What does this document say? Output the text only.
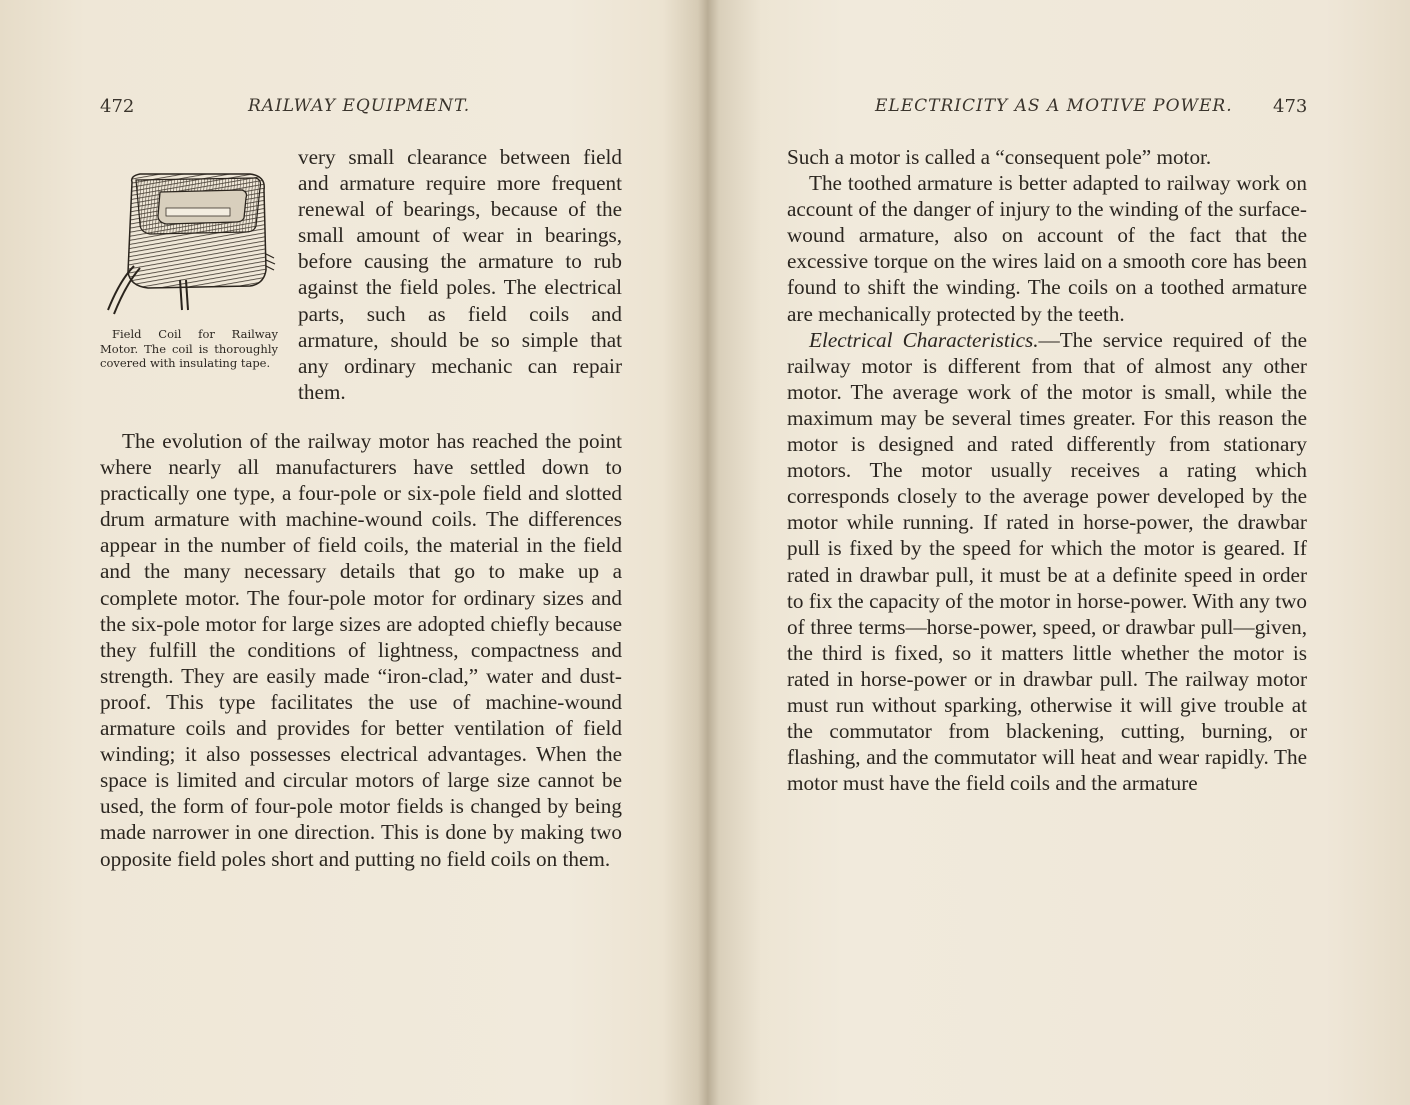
472	RAILWAY EQUIPMENT.
Field Coil for Railway Motor. The coil is thoroughly covered with insulating tape.

very small clearance between field and armature require more frequent renewal of bearings, because of the small amount of wear in bearings, before causing the armature to rub against the field poles. The electrical parts, such as field coils and armature, should be so simple that any ordinary mechanic can repair them.

The evolution of the railway motor has reached the point where nearly all manufacturers have settled down to practically one type, a four-pole or six-pole field and slotted drum armature with machine-wound coils. The differences appear in the number of field coils, the material in the field and the many necessary details that go to make up a complete motor. The four-pole motor for ordinary sizes and the six-pole motor for large sizes are adopted chiefly because they fulfill the conditions of lightness, compactness and strength. They are easily made “iron-clad,” water and dust-proof. This type facilitates the use of machine-wound armature coils and provides for better ventilation of field winding; it also possesses electrical advantages. When the space is limited and circular motors of large size cannot be used, the form of four-pole motor fields is changed by being made narrower in one direction. This is done by making two opposite field poles short and putting no field coils on them.

ELECTRICITY AS A MOTIVE POWER. 473

Such a motor is called a “consequent pole” motor.

The toothed armature is better adapted to railway work on account of the danger of injury to the winding of the surface-wound armature, also on account of the fact that the excessive torque on the wires laid on a smooth core has been found to shift the winding. The coils on a toothed armature are mechanically protected by the teeth.

Electrical Characteristics.—The service required of the railway motor is different from that of almost any other motor. The average work of the motor is small, while the maximum may be several times greater. For this reason the motor is designed and rated differently from stationary motors. The motor usually receives a rating which corresponds closely to the average power developed by the motor while running. If rated in horse-power, the drawbar pull is fixed by the speed for which the motor is geared. If rated in drawbar pull, it must be at a definite speed in order to fix the capacity of the motor in horse-power. With any two of three terms—horse-power, speed, or drawbar pull—given, the third is fixed, so it matters little whether the motor is rated in horse-power or in drawbar pull. The railway motor must run without sparking, otherwise it will give trouble at the commutator from blackening, cutting, burning, or flashing, and the commutator will heat and wear rapidly. The motor must have the field coils and the armature
